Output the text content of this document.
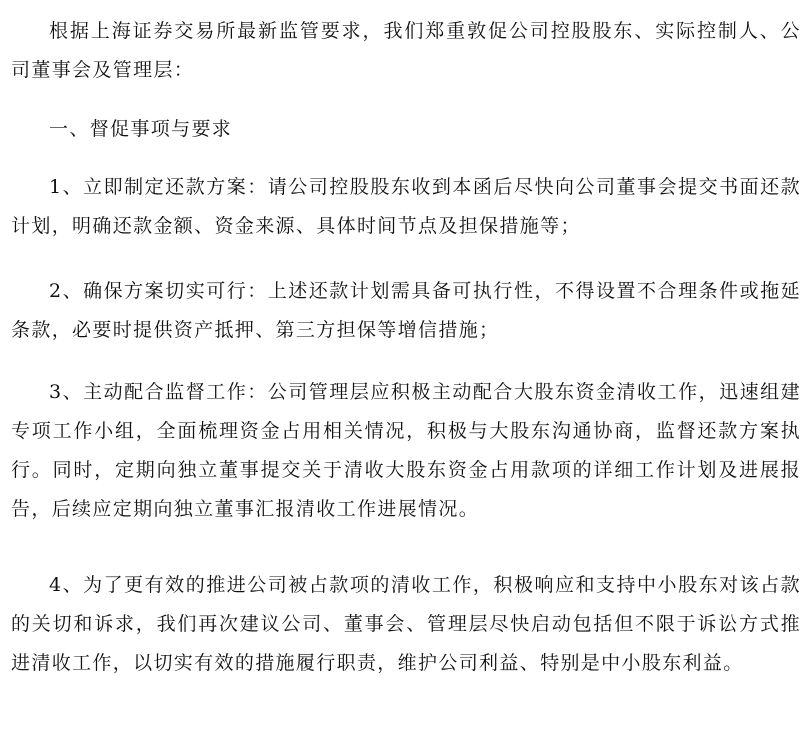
根据上海证券交易所最新监管要求，我们郑重敦促公司控股股东、实际控制人、公司董事会及管理层：

一、督促事项与要求

1、立即制定还款方案：请公司控股股东收到本函后尽快向公司董事会提交书面还款计划，明确还款金额、资金来源、具体时间节点及担保措施等；

2、确保方案切实可行：上述还款计划需具备可执行性，不得设置不合理条件或拖延条款，必要时提供资产抵押、第三方担保等增信措施；

3、主动配合监督工作：公司管理层应积极主动配合大股东资金清收工作，迅速组建专项工作小组，全面梳理资金占用相关情况，积极与大股东沟通协商，监督还款方案执行。同时，定期向独立董事提交关于清收大股东资金占用款项的详细工作计划及进展报告，后续应定期向独立董事汇报清收工作进展情况。

4、为了更有效的推进公司被占款项的清收工作，积极响应和支持中小股东对该占款的关切和诉求，我们再次建议公司、董事会、管理层尽快启动包括但不限于诉讼方式推进清收工作，以切实有效的措施履行职责，维护公司利益、特别是中小股东利益。
